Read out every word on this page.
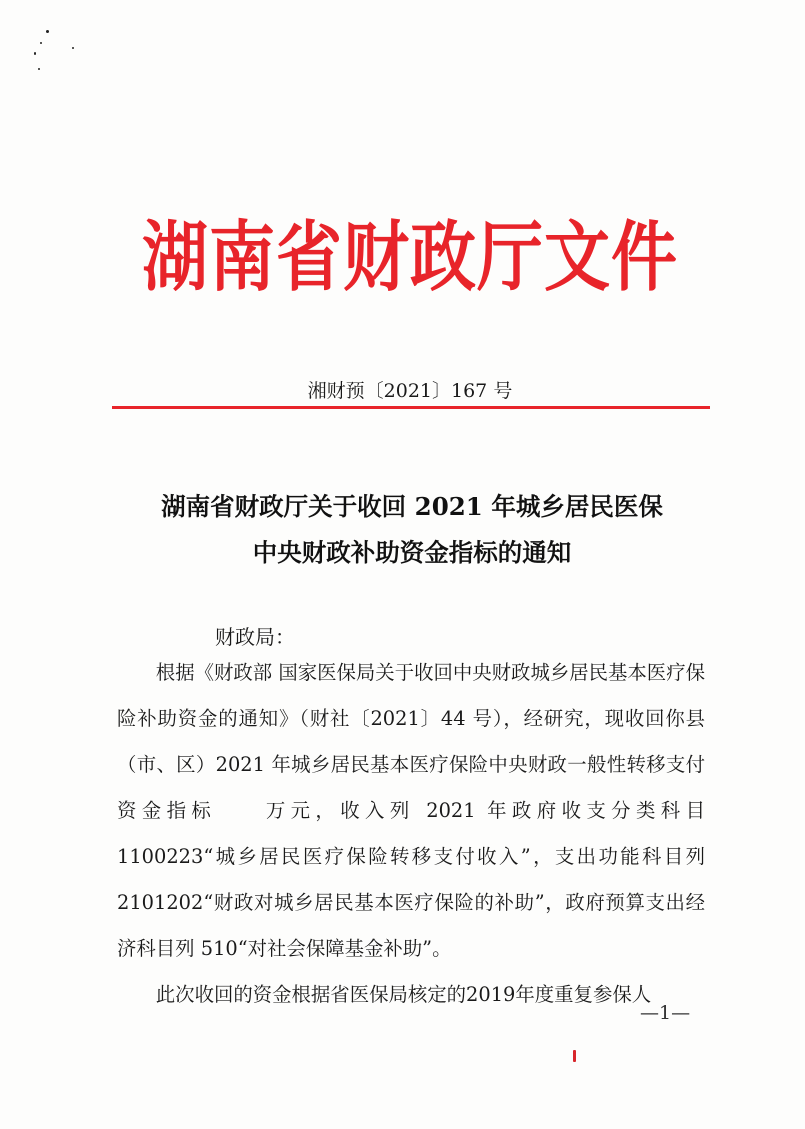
湖南省财政厅文件
湘财预〔2021〕167 号
湖南省财政厅关于收回 2021 年城乡居民医保
中央财政补助资金指标的通知
财政局：

根据《财政部 国家医保局关于收回中央财政城乡居民基本医疗保险补助资金的通知》（财社〔2021〕44 号），经研究，现收回你县（市、区）2021 年城乡居民基本医疗保险中央财政一般性转移支付资金指标　　万元，收入列 2021 年政府收支分类科目 1100223“城乡居民医疗保险转移支付收入”，支出功能科目列 2101202“财政对城乡居民基本医疗保险的补助”，政府预算支出经济科目列 510“对社会保障基金补助”。

此次收回的资金根据省医保局核定的2019年度重复参保人

—1—
